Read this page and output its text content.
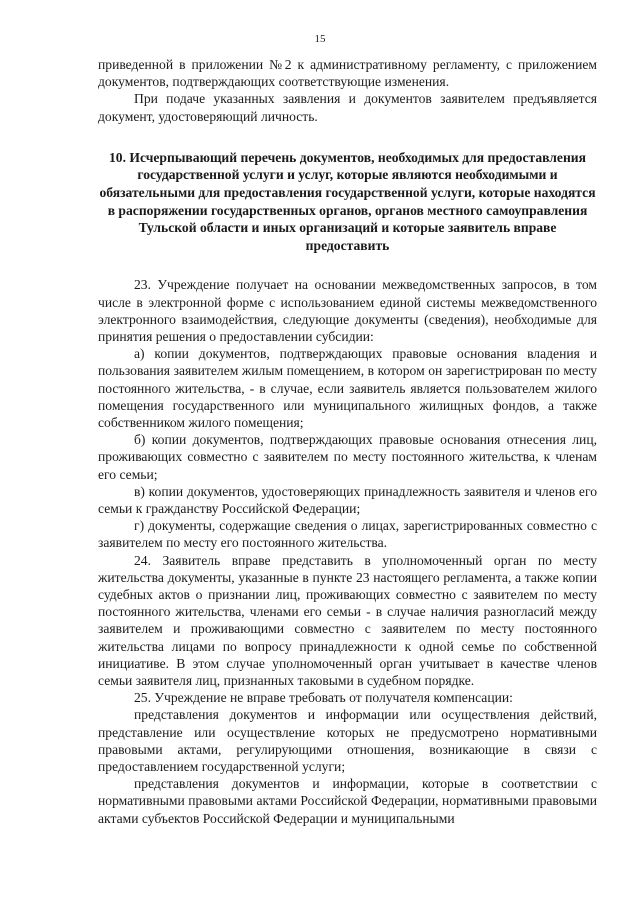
15

приведенной в приложении №2 к административному регламенту, с приложением документов, подтверждающих соответствующие изменения.

При подаче указанных заявления и документов заявителем предъявляется документ, удостоверяющий личность.

10. Исчерпывающий перечень документов, необходимых для предоставления государственной услуги и услуг, которые являются необходимыми и обязательными для предоставления государственной услуги, которые находятся в распоряжении государственных органов, органов местного самоуправления Тульской области и иных организаций и которые заявитель вправе предоставить

23. Учреждение получает на основании межведомственных запросов, в том числе в электронной форме с использованием единой системы межведомственного электронного взаимодействия, следующие документы (сведения), необходимые для принятия решения о предоставлении субсидии:

а) копии документов, подтверждающих правовые основания владения и пользования заявителем жилым помещением, в котором он зарегистрирован по месту постоянного жительства, - в случае, если заявитель является пользователем жилого помещения государственного или муниципального жилищных фондов, а также собственником жилого помещения;

б) копии документов, подтверждающих правовые основания отнесения лиц, проживающих совместно с заявителем по месту постоянного жительства, к членам его семьи;

в) копии документов, удостоверяющих принадлежность заявителя и членов его семьи к гражданству Российской Федерации;

г) документы, содержащие сведения о лицах, зарегистрированных совместно с заявителем по месту его постоянного жительства.

24. Заявитель вправе представить в уполномоченный орган по месту жительства документы, указанные в пункте 23 настоящего регламента, а также копии судебных актов о признании лиц, проживающих совместно с заявителем по месту постоянного жительства, членами его семьи - в случае наличия разногласий между заявителем и проживающими совместно с заявителем по месту постоянного жительства лицами по вопросу принадлежности к одной семье по собственной инициативе. В этом случае уполномоченный орган учитывает в качестве членов семьи заявителя лиц, признанных таковыми в судебном порядке.

25. Учреждение не вправе требовать от получателя компенсации:

представления документов и информации или осуществления действий, представление или осуществление которых не предусмотрено нормативными правовыми актами, регулирующими отношения, возникающие в связи с предоставлением государственной услуги;

представления документов и информации, которые в соответствии с нормативными правовыми актами Российской Федерации, нормативными правовыми актами субъектов Российской Федерации и муниципальными
